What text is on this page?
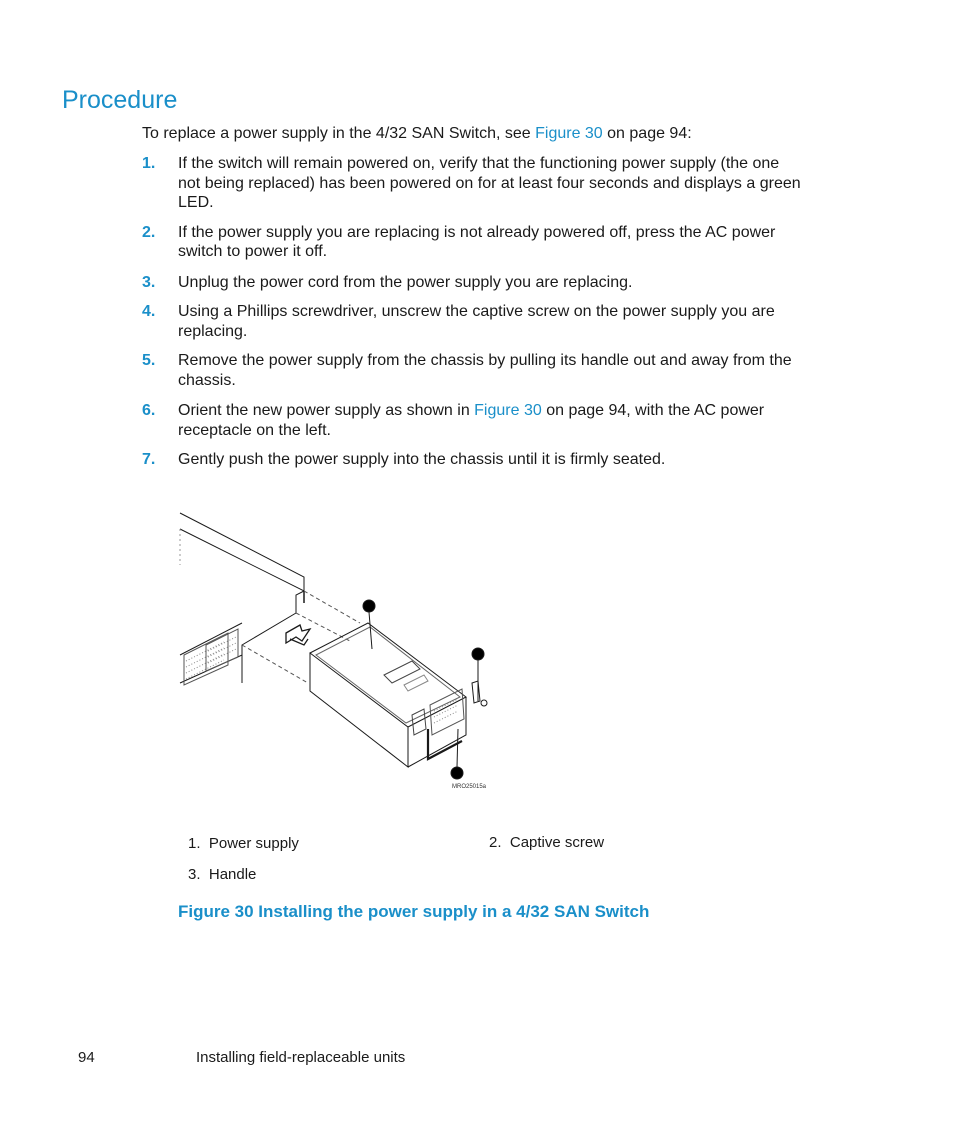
Procedure
To replace a power supply in the 4/32 SAN Switch, see Figure 30 on page 94:
1. If the switch will remain powered on, verify that the functioning power supply (the one not being replaced) has been powered on for at least four seconds and displays a green LED.
2. If the power supply you are replacing is not already powered off, press the AC power switch to power it off.
3. Unplug the power cord from the power supply you are replacing.
4. Using a Phillips screwdriver, unscrew the captive screw on the power supply you are replacing.
5. Remove the power supply from the chassis by pulling its handle out and away from the chassis.
6. Orient the new power supply as shown in Figure 30 on page 94, with the AC power receptacle on the left.
7. Gently push the power supply into the chassis until it is firmly seated.
MRO25015a
1. Power supply	2. Captive screw
3. Handle
Figure 30 Installing the power supply in a 4/32 SAN Switch
94	Installing field-replaceable units
